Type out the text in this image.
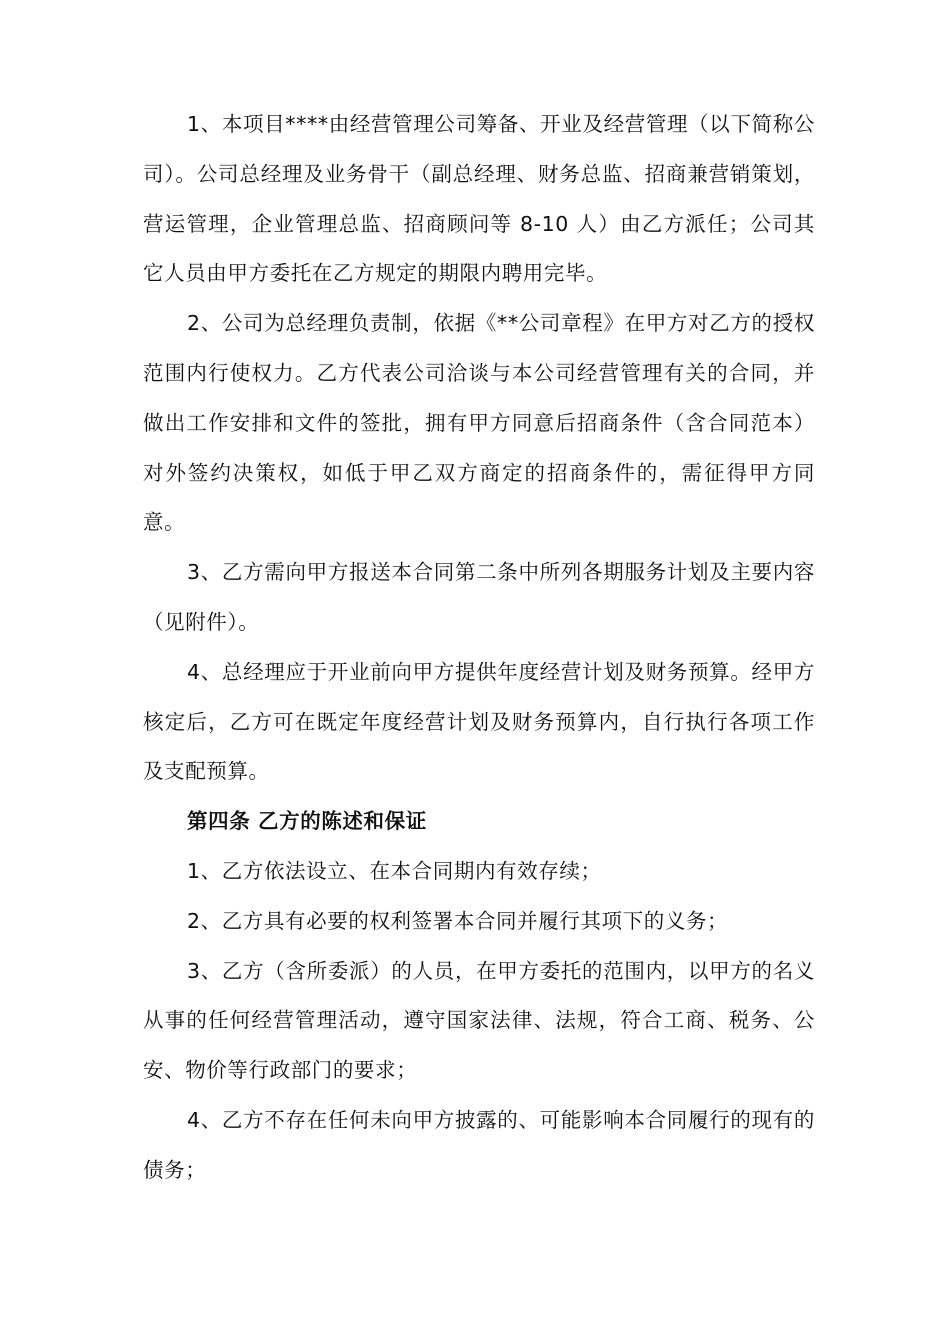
1、本项目****由经营管理公司筹备、开业及经营管理（以下简称公司）。公司总经理及业务骨干（副总经理、财务总监、招商兼营销策划，营运管理，企业管理总监、招商顾问等 8-10 人）由乙方派任；公司其它人员由甲方委托在乙方规定的期限内聘用完毕。

2、公司为总经理负责制，依据《**公司章程》在甲方对乙方的授权范围内行使权力。乙方代表公司洽谈与本公司经营管理有关的合同，并做出工作安排和文件的签批，拥有甲方同意后招商条件（含合同范本）对外签约决策权，如低于甲乙双方商定的招商条件的，需征得甲方同意。

3、乙方需向甲方报送本合同第二条中所列各期服务计划及主要内容（见附件）。

4、总经理应于开业前向甲方提供年度经营计划及财务预算。经甲方核定后，乙方可在既定年度经营计划及财务预算内，自行执行各项工作及支配预算。

第四条 乙方的陈述和保证

1、乙方依法设立、在本合同期内有效存续；

2、乙方具有必要的权利签署本合同并履行其项下的义务；

3、乙方（含所委派）的人员，在甲方委托的范围内，以甲方的名义从事的任何经营管理活动，遵守国家法律、法规，符合工商、税务、公安、物价等行政部门的要求；

4、乙方不存在任何未向甲方披露的、可能影响本合同履行的现有的债务；
